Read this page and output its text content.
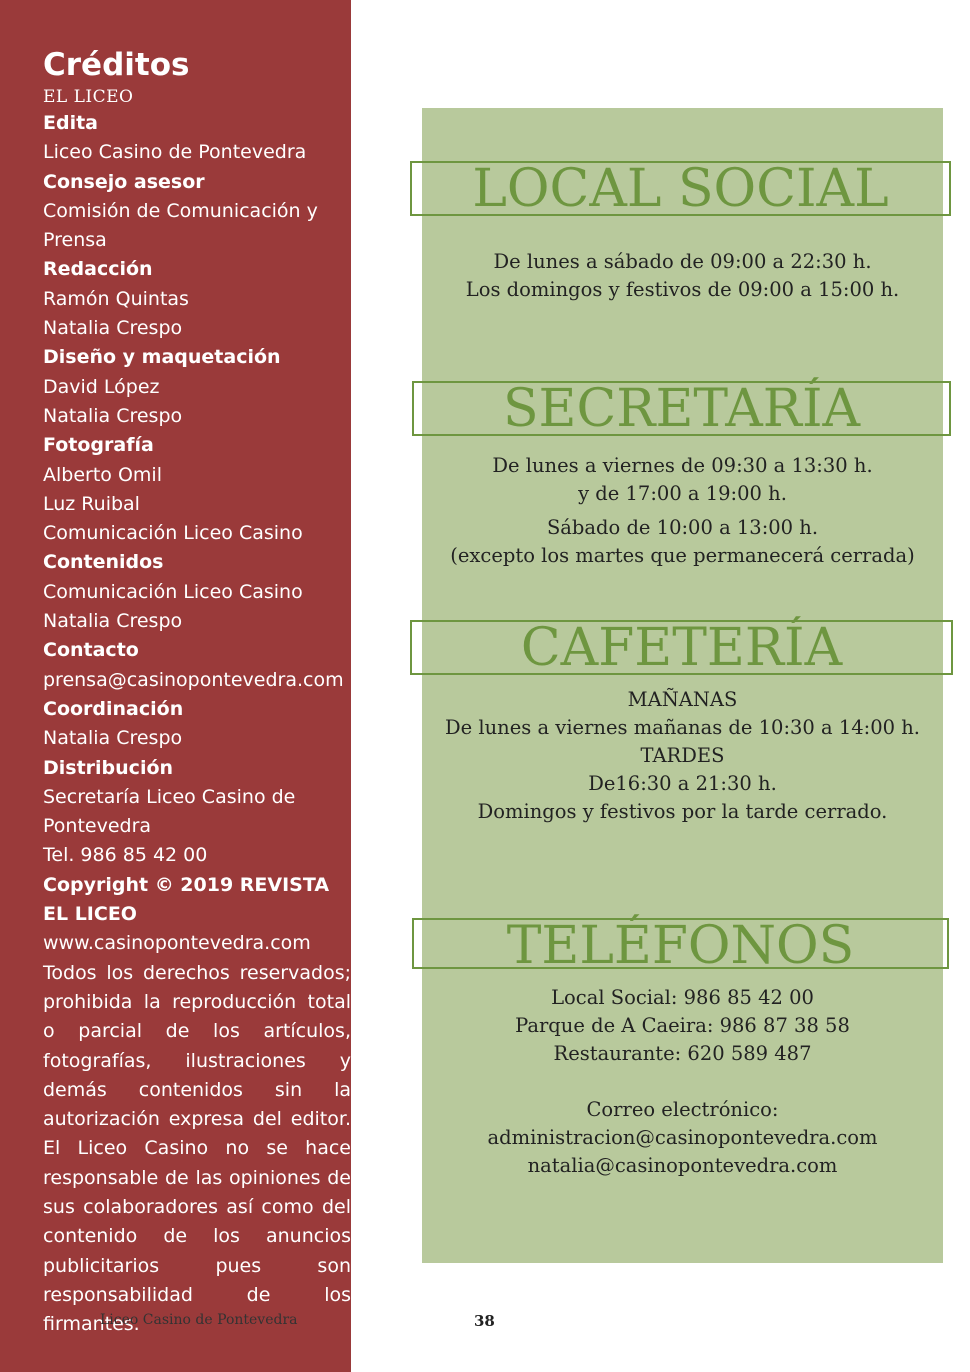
Créditos
EL LICEO
Edita
Liceo Casino de Pontevedra
Consejo asesor
Comisión de Comunicación y
Prensa
Redacción
Ramón Quintas
Natalia Crespo
Diseño y maquetación
David López
Natalia Crespo
Fotografía
Alberto Omil
Luz Ruibal
Comunicación Liceo Casino
Contenidos
Comunicación Liceo Casino
Natalia Crespo
Contacto
prensa@casinopontevedra.com
Coordinación
Natalia Crespo
Distribución
Secretaría Liceo Casino de
Pontevedra
Tel. 986 85 42 00
Copyright © 2019 REVISTA EL LICEO
www.casinopontevedra.com
Todos los derechos reservados; prohibida la reproducción total o parcial de los artículos, fotografías, ilustraciones y demás contenidos sin la autorización expresa del editor. El Liceo Casino no se hace responsable de las opiniones de sus colaboradores así como del contenido de los anuncios publicitarios pues son responsabilidad de los firmantes.
Liceo Casino de Pontevedra	38
LOCAL SOCIAL
De lunes a sábado de 09:00 a 22:30 h.
Los domingos y festivos de 09:00 a 15:00 h.
SECRETARÍA
De lunes a viernes de 09:30 a 13:30 h.
y de 17:00 a 19:00 h.
Sábado de 10:00 a 13:00 h.
(excepto los martes que permanecerá cerrada)
CAFETERÍA
MAÑANAS
De lunes a viernes mañanas de 10:30 a 14:00 h.
TARDES
De16:30 a 21:30 h.
Domingos y festivos por la tarde cerrado.
TELÉFONOS
Local Social: 986 85 42 00
Parque de A Caeira: 986 87 38 58
Restaurante: 620 589 487
Correo electrónico:
administracion@casinopontevedra.com
natalia@casinopontevedra.com
